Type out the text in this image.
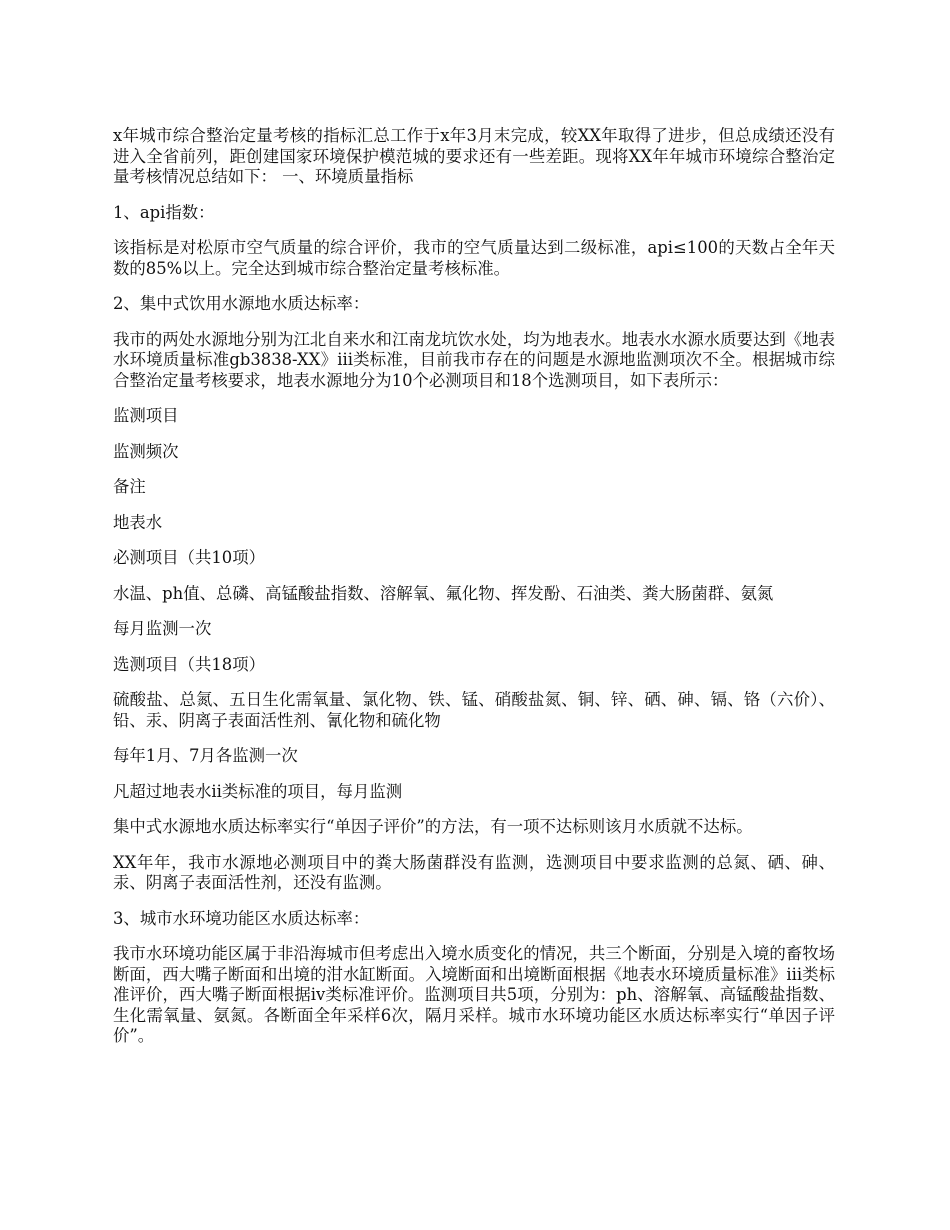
x年城市综合整治定量考核的指标汇总工作于x年3月末完成，较XX年取得了进步，但总成绩还没有进入全省前列，距创建国家环境保护模范城的要求还有一些差距。现将XX年年城市环境综合整治定量考核情况总结如下： 一、环境质量指标

1、api指数：

该指标是对松原市空气质量的综合评价，我市的空气质量达到二级标准，api≤100的天数占全年天数的85%以上。完全达到城市综合整治定量考核标准。

2、集中式饮用水源地水质达标率：

我市的两处水源地分别为江北自来水和江南龙坑饮水处，均为地表水。地表水水源水质要达到《地表水环境质量标准gb3838-XX》iii类标准，目前我市存在的问题是水源地监测项次不全。根据城市综合整治定量考核要求，地表水源地分为10个必测项目和18个选测项目，如下表所示：

监测项目

监测频次

备注

地表水

必测项目（共10项）

水温、ph值、总磷、高锰酸盐指数、溶解氧、氟化物、挥发酚、石油类、粪大肠菌群、氨氮

每月监测一次

选测项目（共18项）

硫酸盐、总氮、五日生化需氧量、氯化物、铁、锰、硝酸盐氮、铜、锌、硒、砷、镉、铬（六价）、铅、汞、阴离子表面活性剂、氰化物和硫化物

每年1月、7月各监测一次

凡超过地表水ii类标准的项目，每月监测

集中式水源地水质达标率实行“单因子评价”的方法，有一项不达标则该月水质就不达标。

XX年年，我市水源地必测项目中的粪大肠菌群没有监测，选测项目中要求监测的总氮、硒、砷、汞、阴离子表面活性剂，还没有监测。

3、城市水环境功能区水质达标率：

我市水环境功能区属于非沿海城市但考虑出入境水质变化的情况，共三个断面，分别是入境的畜牧场断面，西大嘴子断面和出境的泔水缸断面。入境断面和出境断面根据《地表水环境质量标准》iii类标准评价，西大嘴子断面根据iv类标准评价。监测项目共5项，分别为：ph、溶解氧、高锰酸盐指数、生化需氧量、氨氮。各断面全年采样6次，隔月采样。城市水环境功能区水质达标率实行“单因子评价”。
